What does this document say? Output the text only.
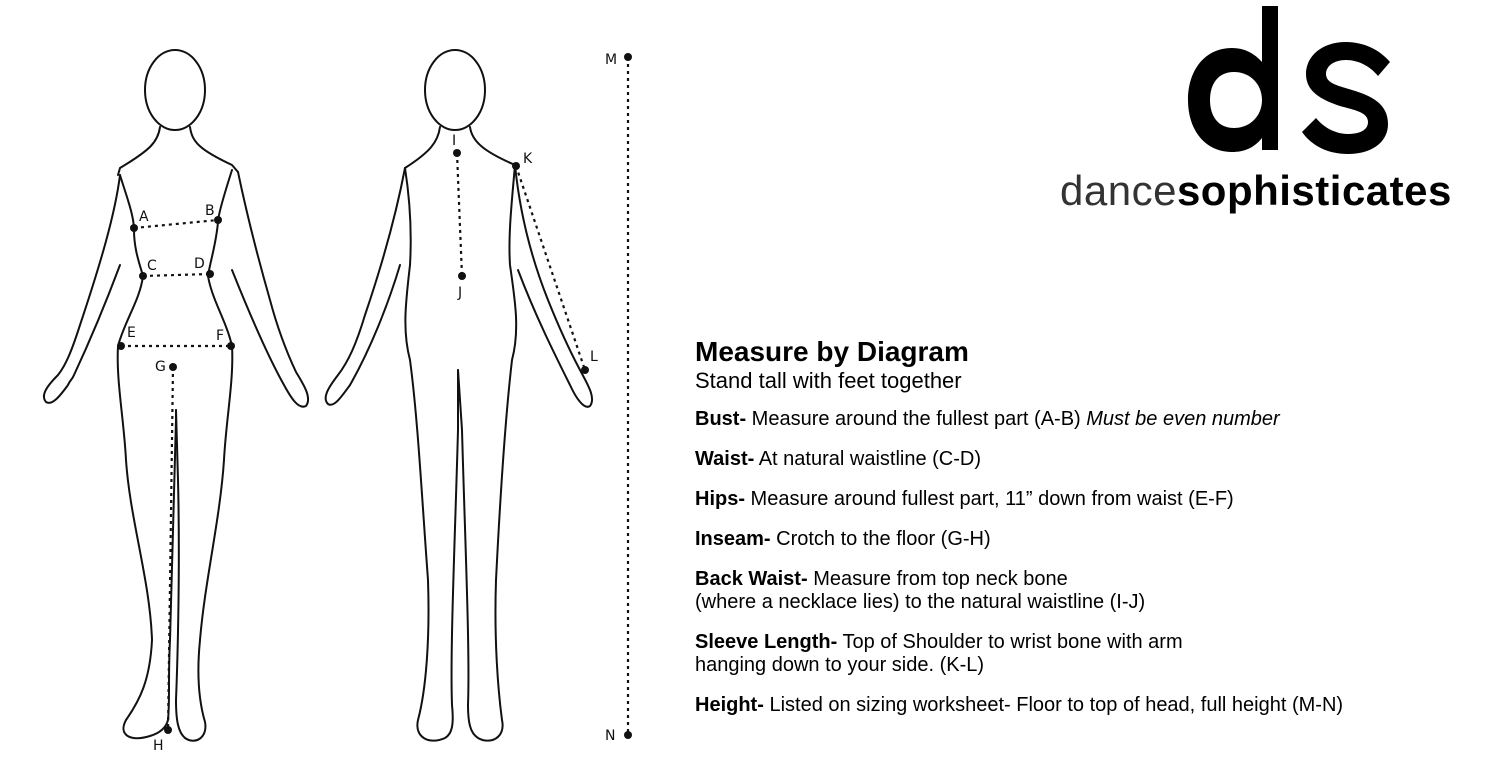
A	B
C	D
E	F
G
H
I
J
K
L
M
N
dancesophisticates

Measure by Diagram

Stand tall with feet together

Bust- Measure around the fullest part (A-B) Must be even number
Waist- At natural waistline (C-D)
Hips- Measure around fullest part, 11” down from waist (E-F)
Inseam- Crotch to the floor (G-H)
Back Waist- Measure from top neck bone
(where a necklace lies) to the natural waistline (I-J)
Sleeve Length- Top of Shoulder to wrist bone with arm
hanging down to your side. (K-L)
Height- Listed on sizing worksheet- Floor to top of head, full height (M-N)
